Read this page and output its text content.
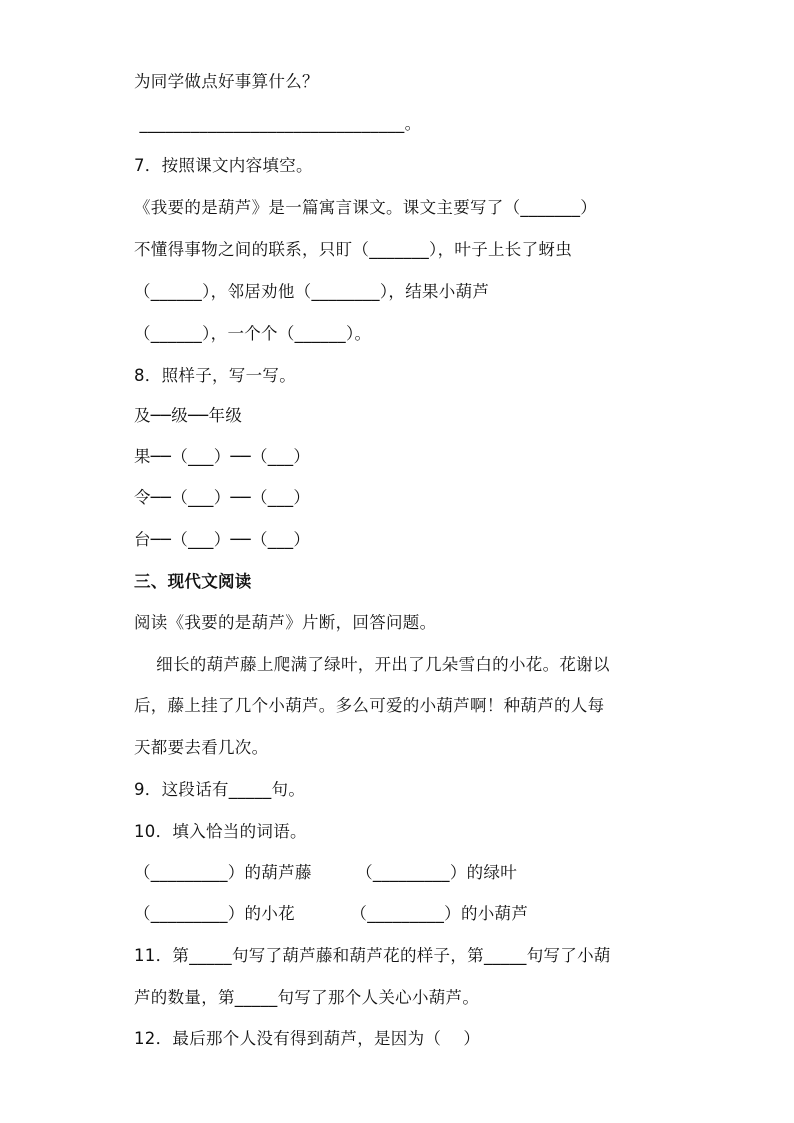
为同学做点好事算什么？
_______________________________。
7．按照课文内容填空。
《我要的是葫芦》是一篇寓言课文。课文主要写了（_______）
不懂得事物之间的联系，只盯（_______），叶子上长了蚜虫
（______），邻居劝他（________），结果小葫芦
（______），一个个（______）。
8．照样子，写一写。
及──级──年级
果──（___）──（___）
令──（___）──（___）
台──（___）──（___）
三、现代文阅读
阅读《我要的是葫芦》片断，回答问题。
细长的葫芦藤上爬满了绿叶，开出了几朵雪白的小花。花谢以
后，藤上挂了几个小葫芦。多么可爱的小葫芦啊！种葫芦的人每
天都要去看几次。
9．这段话有_____句。
10．填入恰当的词语。
（_________）的葫芦藤        （_________）的绿叶
（_________）的小花          （_________）的小葫芦
11．第_____句写了葫芦藤和葫芦花的样子，第_____句写了小葫
芦的数量，第_____句写了那个人关心小葫芦。
12．最后那个人没有得到葫芦，是因为（    ）
